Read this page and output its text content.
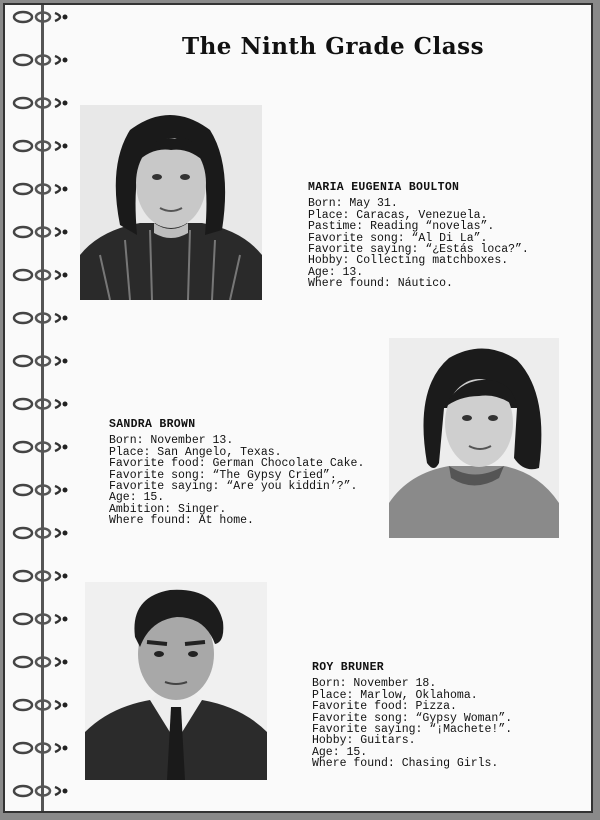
The Ninth Grade Class
MARIA EUGENIA BOULTON
Born: May 31.
Place: Caracas, Venezuela.
Pastime: Reading “novelas”.
Favorite song: “Al Di La”.
Favorite saying: “¿Estás loca?”.
Hobby: Collecting matchboxes.
Age: 13.
Where found: Náutico.
SANDRA BROWN
Born: November 13.
Place: San Angelo, Texas.
Favorite food: German Chocolate Cake.
Favorite song: “The Gypsy Cried”.
Favorite saying: “Are you kiddin’?”.
Age: 15.
Ambition: Singer.
Where found: At home.
ROY BRUNER
Born: November 18.
Place: Marlow, Oklahoma.
Favorite food: Pizza.
Favorite song: “Gypsy Woman”.
Favorite saying: “¡Machete!”.
Hobby: Guitars.
Age: 15.
Where found: Chasing Girls.
